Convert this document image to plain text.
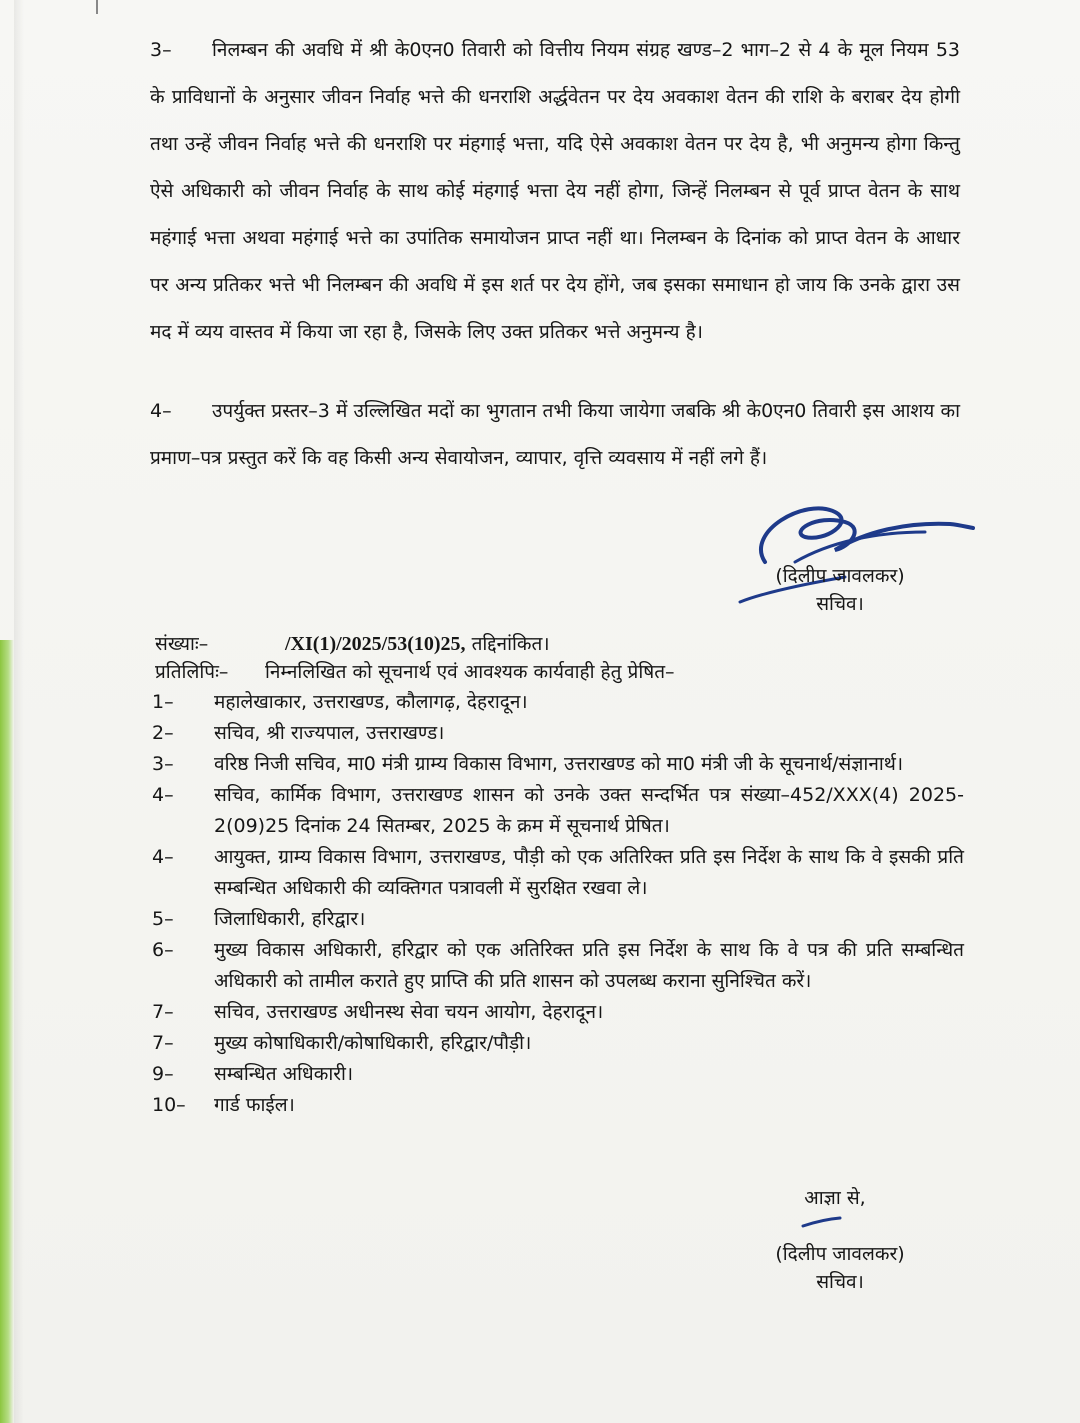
3– निलम्बन की अवधि में श्री के0एन0 तिवारी को वित्तीय नियम संग्रह खण्ड–2 भाग–2 से 4 के मूल नियम 53 के प्राविधानों के अनुसार जीवन निर्वाह भत्ते की धनराशि अर्द्धवेतन पर देय अवकाश वेतन की राशि के बराबर देय होगी तथा उन्हें जीवन निर्वाह भत्ते की धनराशि पर मंहगाई भत्ता, यदि ऐसे अवकाश वेतन पर देय है, भी अनुमन्य होगा किन्तु ऐसे अधिकारी को जीवन निर्वाह के साथ कोई मंहगाई भत्ता देय नहीं होगा, जिन्हें निलम्बन से पूर्व प्राप्त वेतन के साथ महंगाई भत्ता अथवा महंगाई भत्ते का उपांतिक समायोजन प्राप्त नहीं था। निलम्बन के दिनांक को प्राप्त वेतन के आधार पर अन्य प्रतिकर भत्ते भी निलम्बन की अवधि में इस शर्त पर देय होंगे, जब इसका समाधान हो जाय कि उनके द्वारा उस मद में व्यय वास्तव में किया जा रहा है, जिसके लिए उक्त प्रतिकर भत्ते अनुमन्य है।
4– उपर्युक्त प्रस्तर–3 में उल्लिखित मदों का भुगतान तभी किया जायेगा जबकि श्री के0एन0 तिवारी इस आशय का प्रमाण–पत्र प्रस्तुत करें कि वह किसी अन्य सेवायोजन, व्यापार, वृत्ति व्यवसाय में नहीं लगे हैं।
(दिलीप जावलकर)
सचिव।
संख्याः–	/XI(1)/2025/53(10)25, तद्दिनांकित।
प्रतिलिपिः– निम्नलिखित को सूचनार्थ एवं आवश्यक कार्यवाही हेतु प्रेषित–
1–	महालेखाकार, उत्तराखण्ड, कौलागढ़, देहरादून।
2–	सचिव, श्री राज्यपाल, उत्तराखण्ड।
3–	वरिष्ठ निजी सचिव, मा0 मंत्री ग्राम्य विकास विभाग, उत्तराखण्ड को मा0 मंत्री जी के सूचनार्थ/संज्ञानार्थ।
4–	सचिव, कार्मिक विभाग, उत्तराखण्ड शासन को उनके उक्त सन्दर्भित पत्र संख्या–452/XXX(4) 2025-2(09)25 दिनांक 24 सितम्बर, 2025 के क्रम में सूचनार्थ प्रेषित।
4–	आयुक्त, ग्राम्य विकास विभाग, उत्तराखण्ड, पौड़ी को एक अतिरिक्त प्रति इस निर्देश के साथ कि वे इसकी प्रति सम्बन्धित अधिकारी की व्यक्तिगत पत्रावली में सुरक्षित रखवा ले।
5–	जिलाधिकारी, हरिद्वार।
6–	मुख्य विकास अधिकारी, हरिद्वार को एक अतिरिक्त प्रति इस निर्देश के साथ कि वे पत्र की प्रति सम्बन्धित अधिकारी को तामील कराते हुए प्राप्ति की प्रति शासन को उपलब्ध कराना सुनिश्चित करें।
7–	सचिव, उत्तराखण्ड अधीनस्थ सेवा चयन आयोग, देहरादून।
7–	मुख्य कोषाधिकारी/कोषाधिकारी, हरिद्वार/पौड़ी।
9–	सम्बन्धित अधिकारी।
10–	गार्ड फाईल।
आज्ञा से,
(दिलीप जावलकर)
सचिव।
